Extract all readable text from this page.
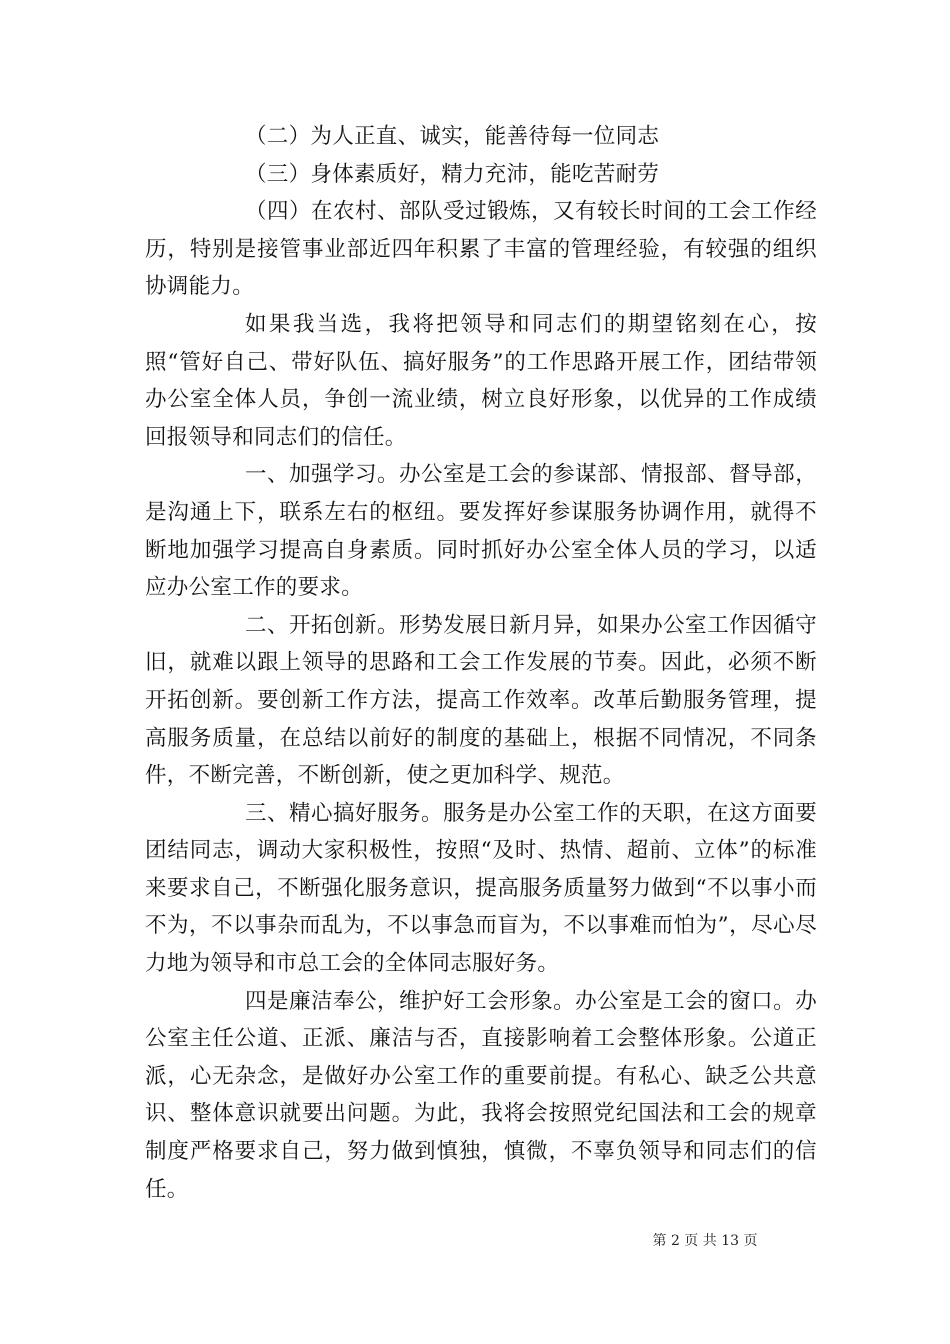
（二）为人正直、诚实，能善待每一位同志

（三）身体素质好，精力充沛，能吃苦耐劳

（四）在农村、部队受过锻炼，又有较长时间的工会工作经历，特别是接管事业部近四年积累了丰富的管理经验，有较强的组织协调能力。

如果我当选，我将把领导和同志们的期望铭刻在心，按照“管好自己、带好队伍、搞好服务”的工作思路开展工作，团结带领办公室全体人员，争创一流业绩，树立良好形象，以优异的工作成绩回报领导和同志们的信任。

一、加强学习。办公室是工会的参谋部、情报部、督导部，是沟通上下，联系左右的枢纽。要发挥好参谋服务协调作用，就得不断地加强学习提高自身素质。同时抓好办公室全体人员的学习，以适应办公室工作的要求。

二、开拓创新。形势发展日新月异，如果办公室工作因循守旧，就难以跟上领导的思路和工会工作发展的节奏。因此，必须不断开拓创新。要创新工作方法，提高工作效率。改革后勤服务管理，提高服务质量，在总结以前好的制度的基础上，根据不同情况，不同条件，不断完善，不断创新，使之更加科学、规范。

三、精心搞好服务。服务是办公室工作的天职，在这方面要团结同志，调动大家积极性，按照“及时、热情、超前、立体”的标准来要求自己，不断强化服务意识，提高服务质量努力做到“不以事小而不为，不以事杂而乱为，不以事急而盲为，不以事难而怕为”，尽心尽力地为领导和市总工会的全体同志服好务。

四是廉洁奉公，维护好工会形象。办公室是工会的窗口。办公室主任公道、正派、廉洁与否，直接影响着工会整体形象。公道正派，心无杂念，是做好办公室工作的重要前提。有私心、缺乏公共意识、整体意识就要出问题。为此，我将会按照党纪国法和工会的规章制度严格要求自己，努力做到慎独，慎微，不辜负领导和同志们的信任。

第 2 页 共 13 页
